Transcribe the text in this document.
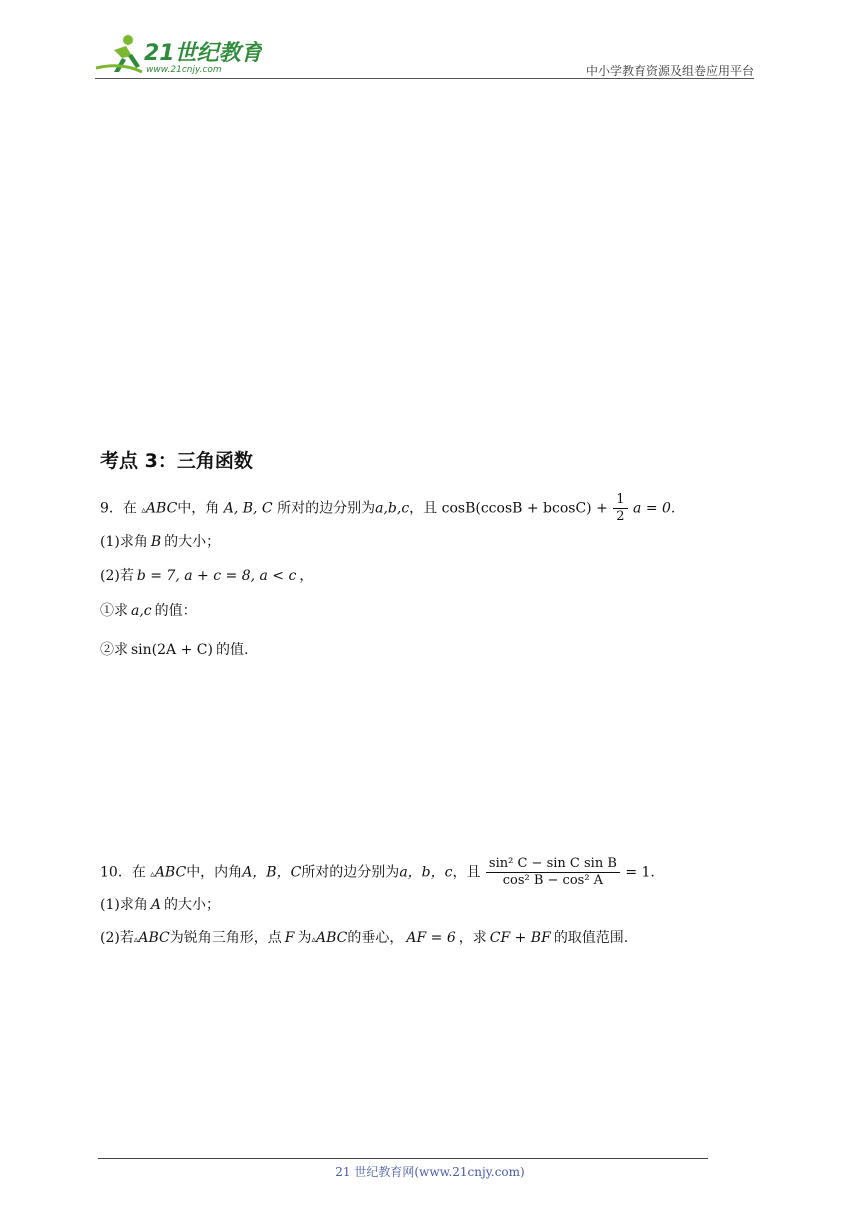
21世纪教育
www.21cnjy.com	中小学教育资源及组卷应用平台
考点 3：三角函数
9．在 ▵ABC中，角 A, B, C 所对的边分别为a,b,c，且 $\cos B(ccosB + bcosC) + \frac{1}{2}$ a = 0.
(1)求角 B 的大小；
(2)若 b = 7, a + c = 8, a < c ，
①求 a,c 的值：
②求 sin(2A + C) 的值.
10．在 ▵ABC中，内角A，B，C所对的边分别为a，b，c，且 $\frac{\text{sin² C − sin C sin B}}{\text{cos² B − cos² A}} = 1$.
(1)求角 A 的大小；
(2)若▵ABC为锐角三角形，点 F 为▵ABC的垂心， AF = 6 ，求 CF + BF 的取值范围.
21 世纪教育网(www.21cnjy.com)
